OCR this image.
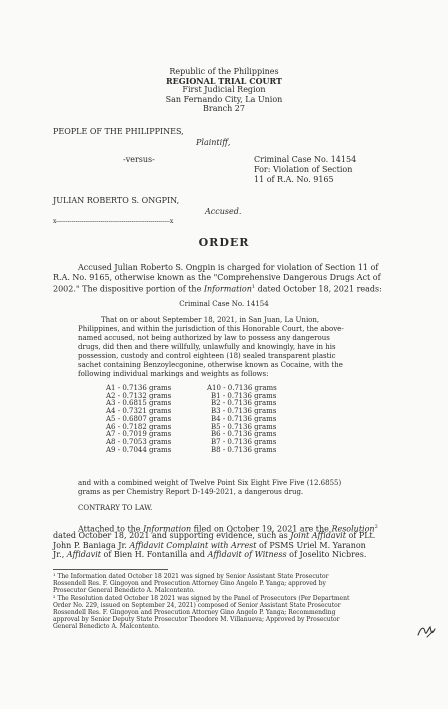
Republic of the Philippines
REGIONAL TRIAL COURT
First Judicial Region
San Fernando City, La Union
Branch 27
PEOPLE OF THE PHILIPPINES,
Plaintiff,
-versus-	Criminal Case No. 14154
For: Violation of Section
11 of R.A. No. 9165
JULIAN ROBERTO S. ONGPIN,
Accused.
x-----------------------------------------------------------x
ORDER
Accused Julian Roberto S. Ongpin is charged for violation of Section 11 of
R.A. No. 9165, otherwise known as the "Comprehensive Dangerous Drugs Act of
2002." The dispositive portion of the Information$^1$ dated October 18, 2021 reads:
Criminal Case No. 14154
That on or about September 18, 2021, in San Juan, La Union,
Philippines, and within the jurisdiction of this Honorable Court, the above-
named accused, not being authorized by law to possess any dangerous
drugs, did then and there willfully, unlawfully and knowingly, have in his
possession, custody and control eighteen (18) sealed transparent plastic
sachet containing Benzoylecgonine, otherwise known as Cocaine, with the
following individual markings and weights as follows:
A1 - 0.7136 grams
A2 - 0.7132 grams
A3 - 0.6815 grams
A4 - 0.7321 grams
A5 - 0.6807 grams
A6 - 0.7182 grams
A7 - 0.7019 grams
A8 - 0.7053 grams
A9 - 0.7044 grams
A10 - 0.7136 grams
B1 - 0.7136 grams
B2 - 0.7136 grams
B3 - 0.7136 grams
B4 - 0.7136 grams
B5 - 0.7136 grams
B6 - 0.7136 grams
B7 - 0.7136 grams
B8 - 0.7136 grams
and with a combined weight of Twelve Point Six Eight Five Five (12.6855)
grams as per Chemistry Report D-149-2021, a dangerous drug.
CONTRARY TO LAW.
Attached to the Information filed on October 19, 2021 are the Resolution$^2$
dated October 18, 2021 and supporting evidence, such as Joint Affidavit of PLt.
John P. Baniaga Jr. Affidavit Complaint with Arrest of PSMS Uriel M. Yaranon
Jr., Affidavit of Bien H. Fontanilla and Affidavit of Witness of Joselito Nicbres.
¹ The Information dated October 18 2021 was signed by Senior Assistant State Prosecutor
Rossendell Res. F. Gingoyon and Prosecution Attorney Gino Angelo P. Yanga; approved by
Prosecutor General Benedicto A. Malcontento.
² The Resolution dated October 18 2021 was signed by the Panel of Prosecutors (Per Department
Order No. 229, issued on September 24, 2021) composed of Senior Assistant State Prosecutor
Rossendell Res. F. Gingoyon and Prosecution Attorney Gino Angelo P. Yanga; Recommending
approval by Senior Deputy State Prosecutor Theodore M. Villanueva; Approved by Prosecutor
General Benedicto A. Malcontento.
